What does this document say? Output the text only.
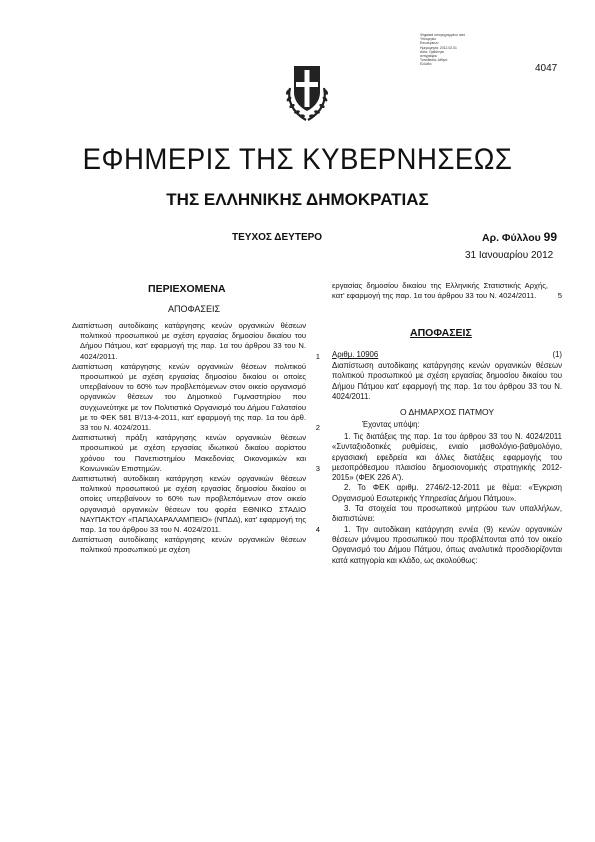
Ψηφιακά υπογεγραμμένο από
Υπουργείο
Εσωτερικών
Ημερομηνία: 2012.02.01
Αιτία: Ορθότητα
αντιγράφου
Τοποθεσία: Αθήνα
Ελλάδα	4047
ΕΦΗΜΕΡΙΣ ΤΗΣ ΚΥΒΕΡΝΗΣΕΩΣ
ΤΗΣ ΕΛΛΗΝΙΚΗΣ ΔΗΜΟΚΡΑΤΙΑΣ
ΤΕΥΧΟΣ ΔΕΥΤΕΡΟ	Αρ. Φύλλου 99
31 Ιανουαρίου 2012
ΠΕΡΙΕΧΟΜΕΝΑ
ΑΠΟΦΑΣΕΙΣ
Διαπίστωση αυτοδίκαιης κατάργησης κενών οργανικών θέσεων πολιτικού προσωπικού με σχέση εργασίας δημοσίου δικαίου του Δήμου Πάτμου, κατ' εφαρμογή της παρ. 1α του άρθρου 33 του Ν. 4024/2011.	1
Διαπίστωση κατάργησης κενών οργανικών θέσεων πολιτικού προσωπικού με σχέση εργασίας δημοσίου δικαίου οι οποίες υπερβαίνουν το 60% των προβλεπόμενων στον οικείο οργανισμό οργανικών θέσεων του Δημοτικού Γυμναστηρίου που συγχωνεύτηκε με τον Πολιτιστικό Οργανισμό του Δήμου Γαλατσίου με το ΦΕΚ 581 Β'/13-4-2011, κατ' εφαρμογή της παρ. 1α του άρθ. 33 του Ν. 4024/2011.	2
Διαπιστωτική πράξη κατάργησης κενών οργανικών θέσεων προσωπικού με σχέση εργασίας ιδιωτικού δικαίου αορίστου χρόνου του Πανεπιστημίου Μακεδονίας Οικονομικών και Κοινωνικών Επιστημών.	3
Διαπιστωτική αυτοδίκαιη κατάργηση κενών οργανικών θέσεων πολιτικού προσωπικού με σχέση εργασίας δημοσίου δικαίου οι οποίες υπερβαίνουν το 60% των προβλεπόμενων στον οικείο οργανισμό οργανικών θέσεων του φορέα ΕΘΝΙΚΟ ΣΤΑΔΙΟ ΝΑΥΠΑΚΤΟΥ «ΠΑΠΑΧΑΡΑΛΑΜΠΕΙΟ» (ΝΠΔΔ), κατ' εφαρμογή της παρ. 1α του άρθρου 33 του Ν. 4024/2011.	4
Διαπίστωση αυτοδίκαιης κατάργησης κενών οργανικών θέσεων πολιτικού προσωπικού με σχέση
εργασίας δημοσίου δικαίου της Ελληνικής Στατιστικής Αρχής, κατ' εφαρμογή της παρ. 1α του άρθρου 33 του Ν. 4024/2011.	5
ΑΠΟΦΑΣΕΙΣ
Αριθμ. 10906	(1)
Διαπίστωση αυτοδίκαιης κατάργησης κενών οργανικών θέσεων πολιτικού προσωπικού με σχέση εργασίας δημοσίου δικαίου του Δήμου Πάτμου κατ' εφαρμογή της παρ. 1α του άρθρου 33 του Ν. 4024/2011.
Ο ΔΗΜΑΡΧΟΣ ΠΑΤΜΟΥ
Έχοντας υπόψη:

1. Τις διατάξεις της παρ. 1α του άρθρου 33 του Ν. 4024/2011 «Συνταξιοδοτικές ρυθμίσεις, ενιαίο μισθολόγιο-βαθμολόγιο, εργασιακή εφεδρεία και άλλες διατάξεις εφαρμογής του μεσοπρόθεσμου πλαισίου δημοσιονομικής στρατηγικής 2012-2015» (ΦΕΚ 226 Α').

2. Το ΦΕΚ αριθμ. 2746/2-12-2011 με θέμα: «Έγκριση Οργανισμού Εσωτερικής Υπηρεσίας Δήμου Πάτμου».

3. Τα στοιχεία του προσωπικού μητρώου των υπαλλήλων, διαπιστώνει:

1. Την αυτοδίκαιη κατάργηση εννέα (9) κενών οργανικών θέσεων μόνιμου προσωπικού που προβλέπονται από τον οικείο Οργανισμό του Δήμου Πάτμου, όπως αναλυτικά προσδιορίζονται κατά κατηγορία και κλάδο, ως ακολούθως:
